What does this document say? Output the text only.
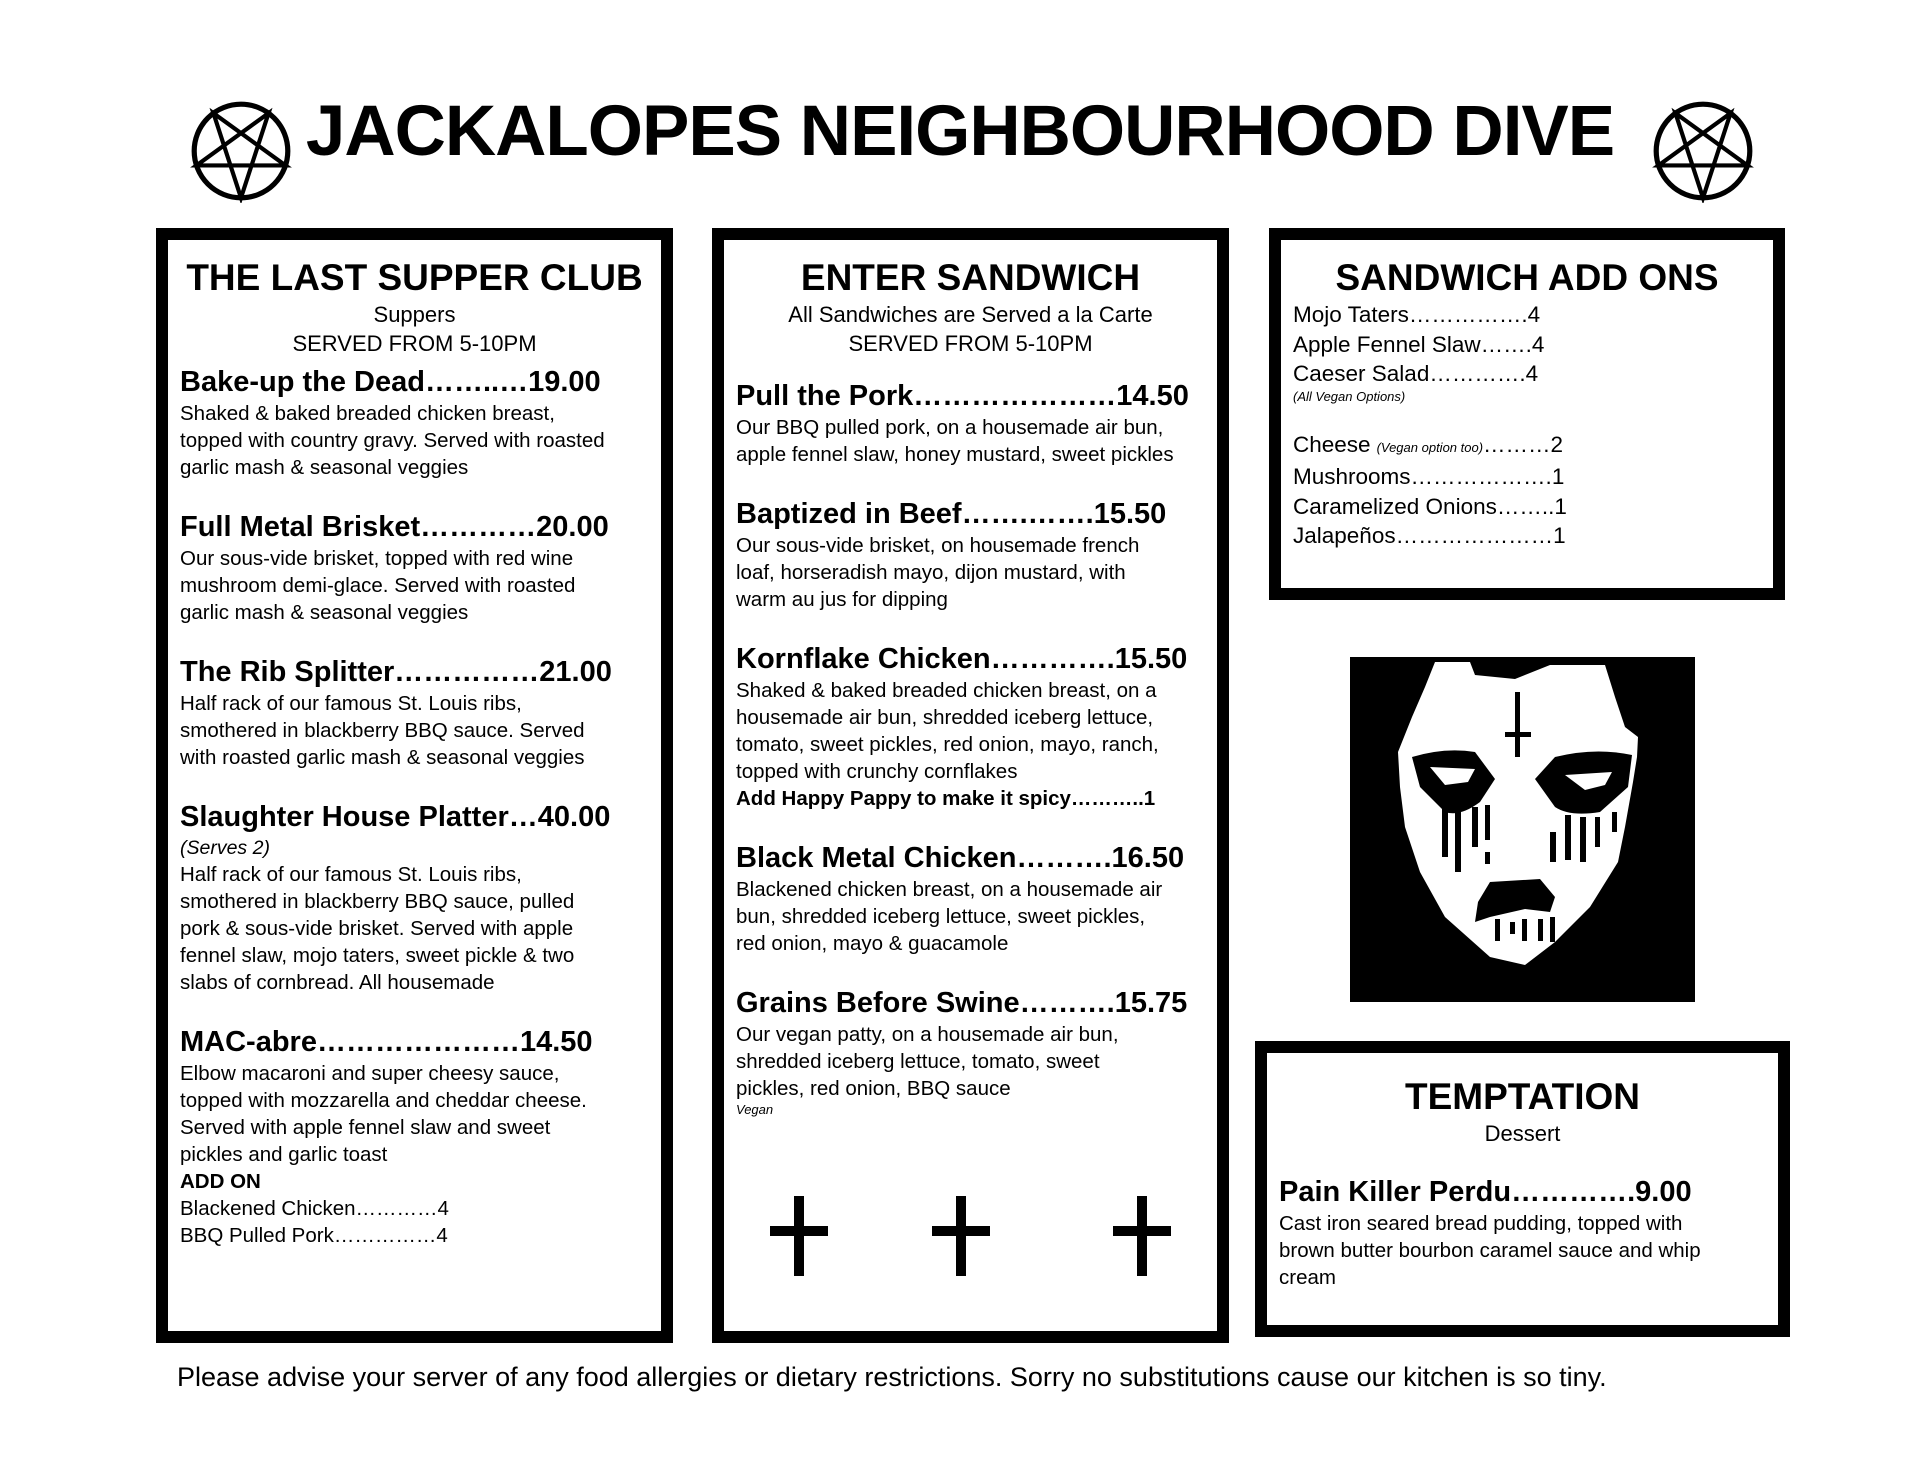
JACKALOPES NEIGHBOURHOOD DIVE
THE LAST SUPPER CLUB
Suppers
SERVED FROM 5-10PM
Bake-up the Dead……..…19.00
Shaked & baked breaded chicken breast,
topped with country gravy. Served with roasted
garlic mash & seasonal veggies
Full Metal Brisket…………20.00
Our sous-vide brisket, topped with red wine
mushroom demi-glace. Served with roasted
garlic mash & seasonal veggies
The Rib Splitter……………21.00
Half rack of our famous St. Louis ribs,
smothered in blackberry BBQ sauce. Served
with roasted garlic mash & seasonal veggies
Slaughter House Platter…40.00
(Serves 2)
Half rack of our famous St. Louis ribs,
smothered in blackberry BBQ sauce, pulled
pork & sous-vide brisket. Served with apple
fennel slaw, mojo taters, sweet pickle & two
slabs of cornbread. All housemade
MAC-abre…………………14.50
Elbow macaroni and super cheesy sauce,
topped with mozzarella and cheddar cheese.
Served with apple fennel slaw and sweet
pickles and garlic toast
ADD ON
Blackened Chicken…………4
BBQ Pulled Pork……………4
ENTER SANDWICH
All Sandwiches are Served a la Carte
SERVED FROM 5-10PM
Pull the Pork…………………14.50
Our BBQ pulled pork, on a housemade air bun,
apple fennel slaw, honey mustard, sweet pickles
Baptized in Beef…….…….15.50
Our sous-vide brisket, on housemade french
loaf, horseradish mayo, dijon mustard, with
warm au jus for dipping
Kornflake Chicken………….15.50
Shaked & baked breaded chicken breast, on a
housemade air bun, shredded iceberg lettuce,
tomato, sweet pickles, red onion, mayo, ranch,
topped with crunchy cornflakes
Add Happy Pappy to make it spicy………..1
Black Metal Chicken……….16.50
Blackened chicken breast, on a housemade air
bun, shredded iceberg lettuce, sweet pickles,
red onion, mayo & guacamole
Grains Before Swine……….15.75
Our vegan patty, on a housemade air bun,
shredded iceberg lettuce, tomato, sweet
pickles, red onion, BBQ sauce
Vegan
SANDWICH ADD ONS
Mojo Taters…………….4
Apple Fennel Slaw…….4
Caeser Salad………….4
(All Vegan Options)
Cheese (Vegan option too)………2
Mushrooms……………….1
Caramelized Onions……..1
Jalapeños…………………1
TEMPTATION
Dessert
Pain Killer Perdu………….9.00
Cast iron seared bread pudding, topped with
brown butter bourbon caramel sauce and whip
cream
Please advise your server of any food allergies or dietary restrictions. Sorry no substitutions cause our kitchen is so tiny.
